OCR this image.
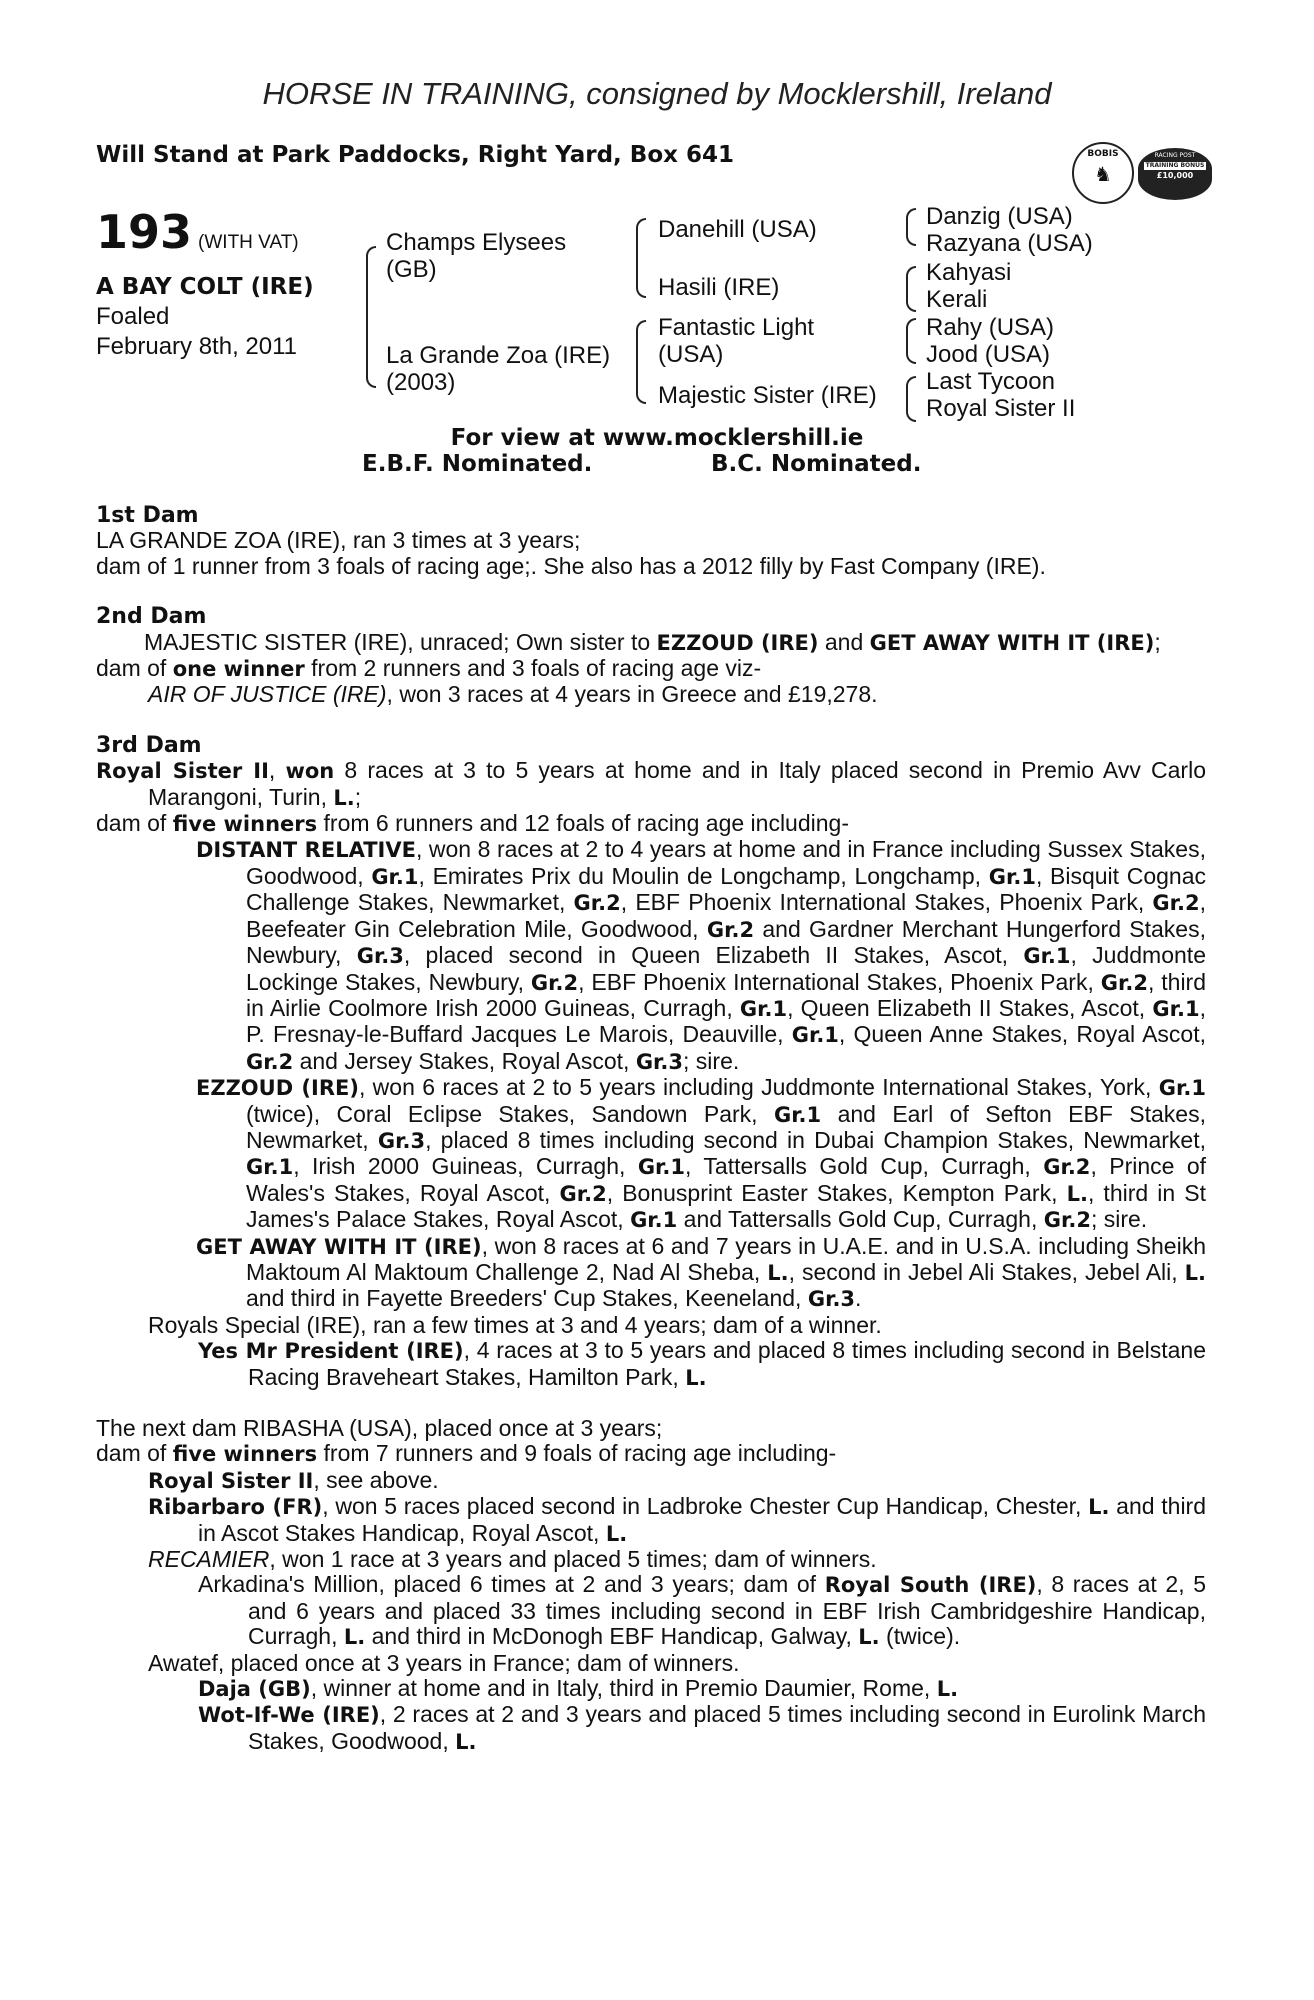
HORSE IN TRAINING, consigned by Mocklershill, Ireland
Will Stand at Park Paddocks, Right Yard, Box 641	BOBIS
♞
RACING POST
TRAINING BONUS
£10,000
193 (WITH VAT)
A BAY COLT (IRE)
Foaled
February 8th, 2011
Champs Elysees
(GB)
La Grande Zoa (IRE)
(2003)
Danehill (USA)
Hasili (IRE)
Fantastic Light
(USA)
Majestic Sister (IRE)
Danzig (USA)
Razyana (USA)
Kahyasi
Kerali
Rahy (USA)
Jood (USA)
Last Tycoon
Royal Sister II
For view at www.mocklershill.ie
E.B.F. Nominated.	B.C. Nominated.

1st Dam

LA GRANDE ZOA (IRE), ran 3 times at 3 years;

dam of 1 runner from 3 foals of racing age;. She also has a 2012 filly by Fast Company (IRE).

2nd Dam

MAJESTIC SISTER (IRE), unraced; Own sister to EZZOUD (IRE) and GET AWAY WITH IT (IRE);

dam of one winner from 2 runners and 3 foals of racing age viz-

AIR OF JUSTICE (IRE), won 3 races at 4 years in Greece and £19,278.

3rd Dam

Royal Sister II, won 8 races at 3 to 5 years at home and in Italy placed second in Premio Avv Carlo Marangoni, Turin, L.;

dam of five winners from 6 runners and 12 foals of racing age including-

DISTANT RELATIVE, won 8 races at 2 to 4 years at home and in France including Sussex Stakes, Goodwood, Gr.1, Emirates Prix du Moulin de Longchamp, Longchamp, Gr.1, Bisquit Cognac Challenge Stakes, Newmarket, Gr.2, EBF Phoenix International Stakes, Phoenix Park, Gr.2, Beefeater Gin Celebration Mile, Goodwood, Gr.2 and Gardner Merchant Hungerford Stakes, Newbury, Gr.3, placed second in Queen Elizabeth II Stakes, Ascot, Gr.1, Juddmonte Lockinge Stakes, Newbury, Gr.2, EBF Phoenix International Stakes, Phoenix Park, Gr.2, third in Airlie Coolmore Irish 2000 Guineas, Curragh, Gr.1, Queen Elizabeth II Stakes, Ascot, Gr.1, P. Fresnay-le-Buffard Jacques Le Marois, Deauville, Gr.1, Queen Anne Stakes, Royal Ascot, Gr.2 and Jersey Stakes, Royal Ascot, Gr.3; sire.

EZZOUD (IRE), won 6 races at 2 to 5 years including Juddmonte International Stakes, York, Gr.1 (twice), Coral Eclipse Stakes, Sandown Park, Gr.1 and Earl of Sefton EBF Stakes, Newmarket, Gr.3, placed 8 times including second in Dubai Champion Stakes, Newmarket, Gr.1, Irish 2000 Guineas, Curragh, Gr.1, Tattersalls Gold Cup, Curragh, Gr.2, Prince of Wales's Stakes, Royal Ascot, Gr.2, Bonusprint Easter Stakes, Kempton Park, L., third in St James's Palace Stakes, Royal Ascot, Gr.1 and Tattersalls Gold Cup, Curragh, Gr.2; sire.

GET AWAY WITH IT (IRE), won 8 races at 6 and 7 years in U.A.E. and in U.S.A. including Sheikh Maktoum Al Maktoum Challenge 2, Nad Al Sheba, L., second in Jebel Ali Stakes, Jebel Ali, L. and third in Fayette Breeders' Cup Stakes, Keeneland, Gr.3.

Royals Special (IRE), ran a few times at 3 and 4 years; dam of a winner.

Yes Mr President (IRE), 4 races at 3 to 5 years and placed 8 times including second in Belstane Racing Braveheart Stakes, Hamilton Park, L.

The next dam RIBASHA (USA), placed once at 3 years;

dam of five winners from 7 runners and 9 foals of racing age including-

Royal Sister II, see above.

Ribarbaro (FR), won 5 races placed second in Ladbroke Chester Cup Handicap, Chester, L. and third in Ascot Stakes Handicap, Royal Ascot, L.

RECAMIER, won 1 race at 3 years and placed 5 times; dam of winners.

Arkadina's Million, placed 6 times at 2 and 3 years; dam of Royal South (IRE), 8 races at 2, 5 and 6 years and placed 33 times including second in EBF Irish Cambridgeshire Handicap, Curragh, L. and third in McDonogh EBF Handicap, Galway, L. (twice).

Awatef, placed once at 3 years in France; dam of winners.

Daja (GB), winner at home and in Italy, third in Premio Daumier, Rome, L.

Wot-If-We (IRE), 2 races at 2 and 3 years and placed 5 times including second in Eurolink March Stakes, Goodwood, L.
